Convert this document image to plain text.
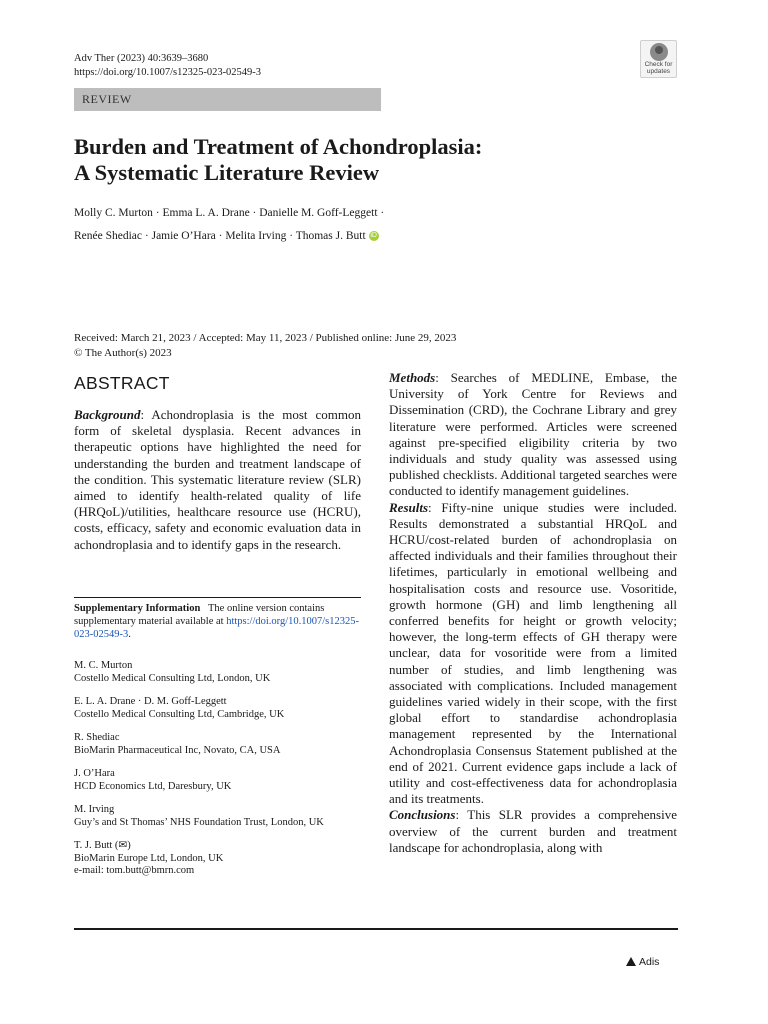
Adv Ther (2023) 40:3639–3680
https://doi.org/10.1007/s12325-023-02549-3
Check for
updates
REVIEW
Burden and Treatment of Achondroplasia:
A Systematic Literature Review
Molly C. Murton · Emma L. A. Drane · Danielle M. Goff-Leggett ·
Renée Shediac · Jamie O’Hara · Melita Irving · Thomas J. Butt iD
Received: March 21, 2023 / Accepted: May 11, 2023 / Published online: June 29, 2023
© The Author(s) 2023
ABSTRACT

Background: Achondroplasia is the most common form of skeletal dysplasia. Recent advances in therapeutic options have highlighted the need for understanding the burden and treatment landscape of the condition. This systematic literature review (SLR) aimed to identify health-related quality of life (HRQoL)/utilities, healthcare resource use (HCRU), costs, efficacy, safety and economic evaluation data in achondroplasia and to identify gaps in the research.

Supplementary Information The online version contains supplementary material available at https://doi.org/10.1007/s12325-023-02549-3.
M. C. Murton
Costello Medical Consulting Ltd, London, UK
E. L. A. Drane · D. M. Goff-Leggett
Costello Medical Consulting Ltd, Cambridge, UK
R. Shediac
BioMarin Pharmaceutical Inc, Novato, CA, USA
J. O’Hara
HCD Economics Ltd, Daresbury, UK
M. Irving
Guy’s and St Thomas’ NHS Foundation Trust, London, UK
T. J. Butt (✉)
BioMarin Europe Ltd, London, UK
e-mail: tom.butt@bmrn.com

Methods: Searches of MEDLINE, Embase, the University of York Centre for Reviews and Dissemination (CRD), the Cochrane Library and grey literature were performed. Articles were screened against pre-specified eligibility criteria by two individuals and study quality was assessed using published checklists. Additional targeted searches were conducted to identify management guidelines.

Results: Fifty-nine unique studies were included. Results demonstrated a substantial HRQoL and HCRU/cost-related burden of achondroplasia on affected individuals and their families throughout their lifetimes, particularly in emotional wellbeing and hospitalisation costs and resource use. Vosoritide, growth hormone (GH) and limb lengthening all conferred benefits for height or growth velocity; however, the long-term effects of GH therapy were unclear, data for vosoritide were from a limited number of studies, and limb lengthening was associated with complications. Included management guidelines varied widely in their scope, with the first global effort to standardise achondroplasia management represented by the International Achondroplasia Consensus Statement published at the end of 2021. Current evidence gaps include a lack of utility and cost-effectiveness data for achondroplasia and its treatments.

Conclusions: This SLR provides a comprehensive overview of the current burden and treatment landscape for achondroplasia, along with

Adis
